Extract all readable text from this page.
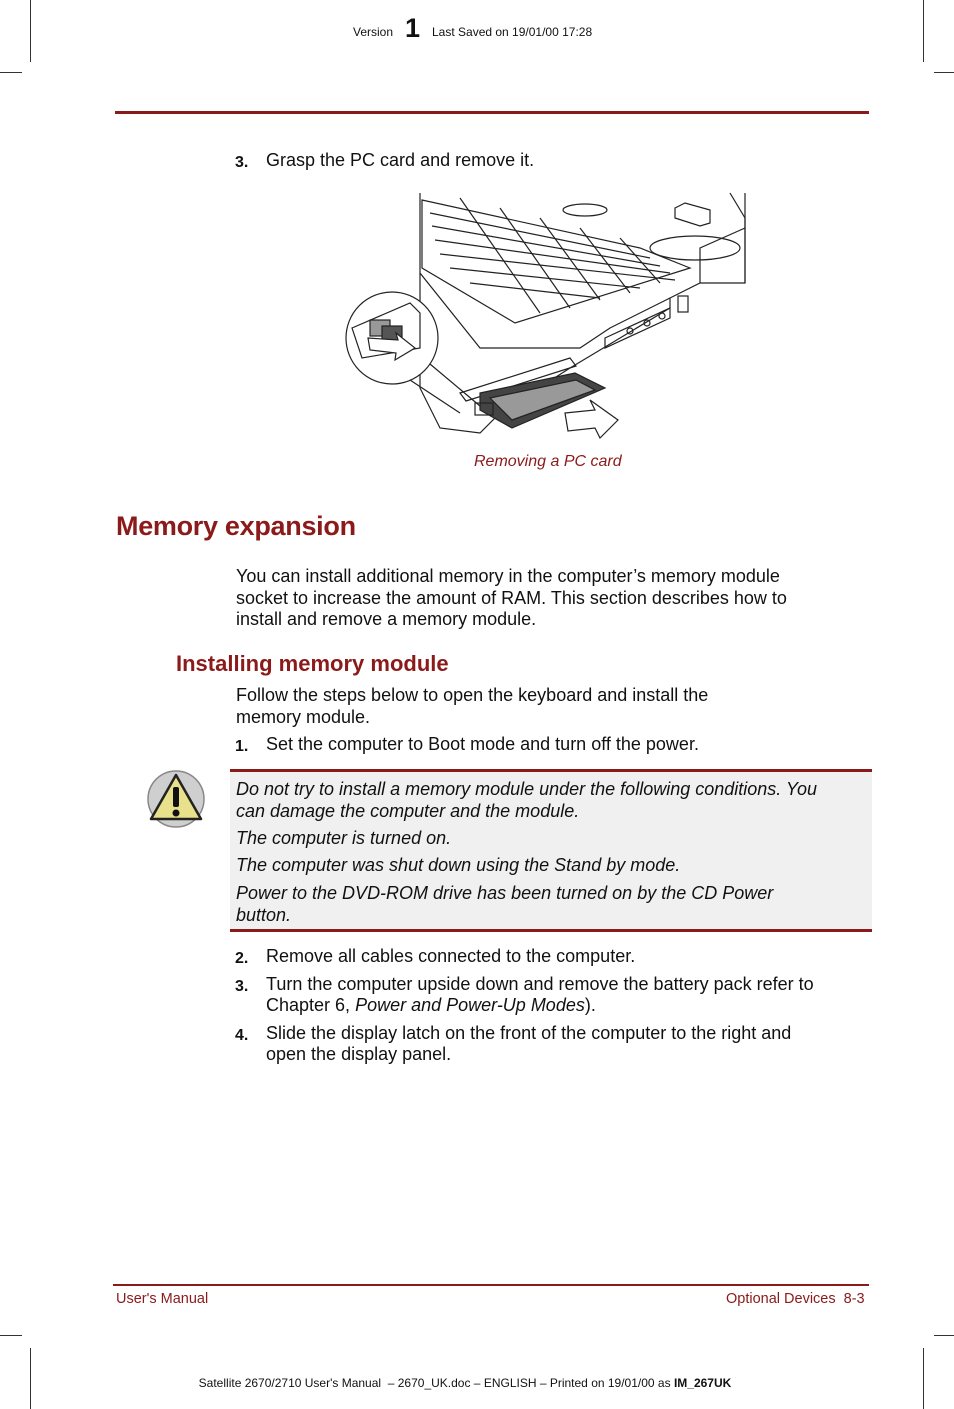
Version 1 Last Saved on 19/01/00 17:28
3. Grasp the PC card and remove it.
Removing a PC card
Memory expansion
You can install additional memory in the computer’s memory module
socket to increase the amount of RAM. This section describes how to
install and remove a memory module.
Installing memory module
Follow the steps below to open the keyboard and install the
memory module.
1. Set the computer to Boot mode and turn off the power.
Do not try to install a memory module under the following conditions. You
can damage the computer and the module.
The computer is turned on.
The computer was shut down using the Stand by mode.
Power to the DVD-ROM drive has been turned on by the CD Power
button.
2. Remove all cables connected to the computer.
3. Turn the computer upside down and remove the battery pack refer to
Chapter 6, Power and Power-Up Modes).
4. Slide the display latch on the front of the computer to the right and
open the display panel.
User's Manual	Optional Devices  8-3

Satellite 2670/2710 User's Manual  – 2670_UK.doc – ENGLISH – Printed on 19/01/00 as IM_267UK
